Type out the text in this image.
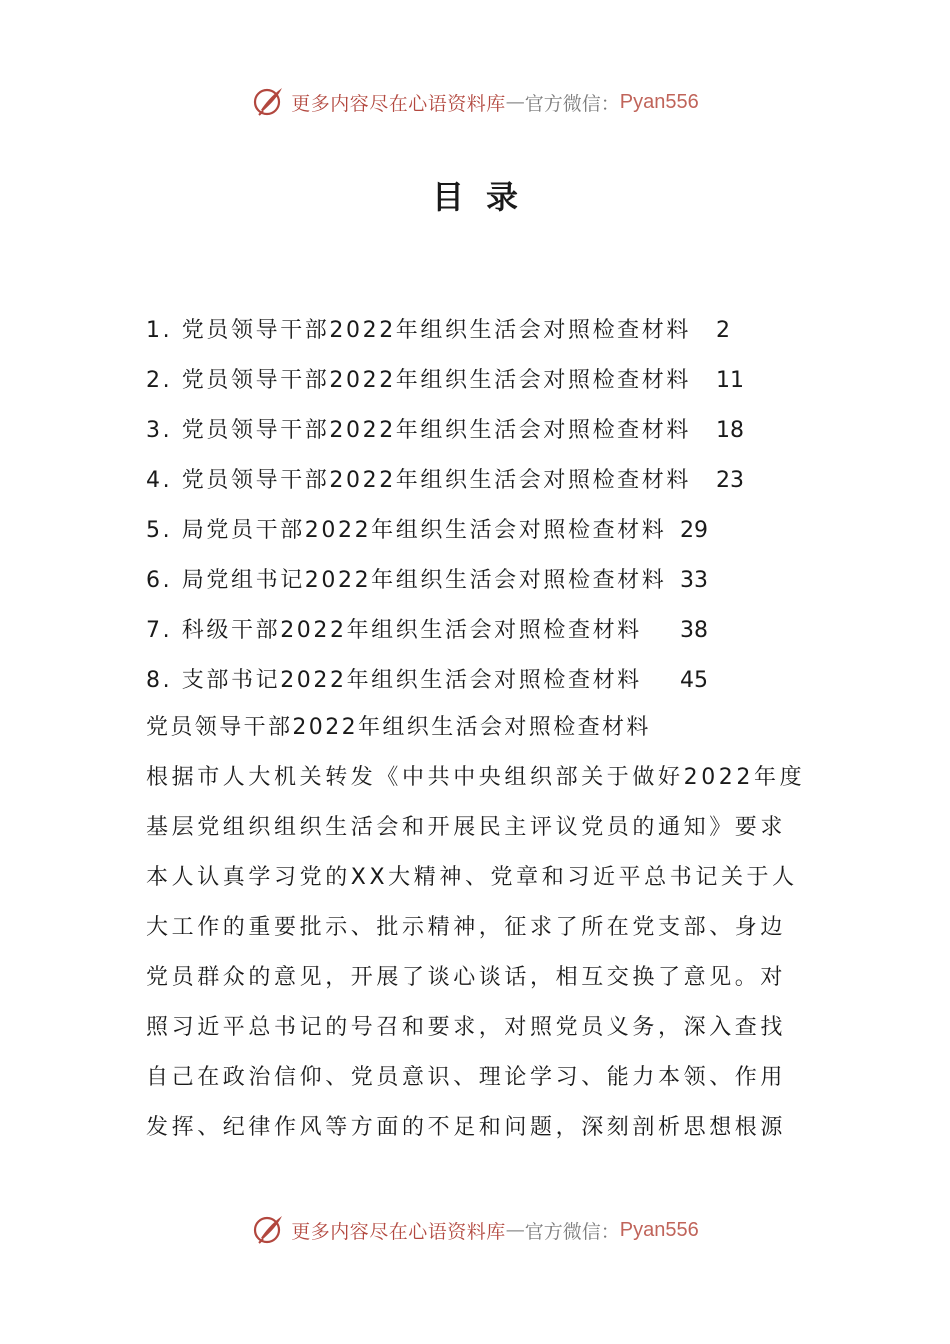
更多内容尽在心语资料库 — 官方微信： Pyan556
目录
1. 党员领导干部2022年组织生活会对照检查材料 2
2. 党员领导干部2022年组织生活会对照检查材料 11
3. 党员领导干部2022年组织生活会对照检查材料 18
4. 党员领导干部2022年组织生活会对照检查材料 23
5. 局党员干部2022年组织生活会对照检查材料 29
6. 局党组书记2022年组织生活会对照检查材料 33
7. 科级干部2022年组织生活会对照检查材料 38
8. 支部书记2022年组织生活会对照检查材料 45
党员领导干部2022年组织生活会对照检查材料
根据市人大机关转发《中共中央组织部关于做好2022年度
基层党组织组织生活会和开展民主评议党员的通知》要求
本人认真学习党的XX大精神、党章和习近平总书记关于人
大工作的重要批示、批示精神，征求了所在党支部、身边
党员群众的意见，开展了谈心谈话，相互交换了意见。对
照习近平总书记的号召和要求，对照党员义务，深入查找
自己在政治信仰、党员意识、理论学习、能力本领、作用
发挥、纪律作风等方面的不足和问题，深刻剖析思想根源
更多内容尽在心语资料库 — 官方微信： Pyan556
